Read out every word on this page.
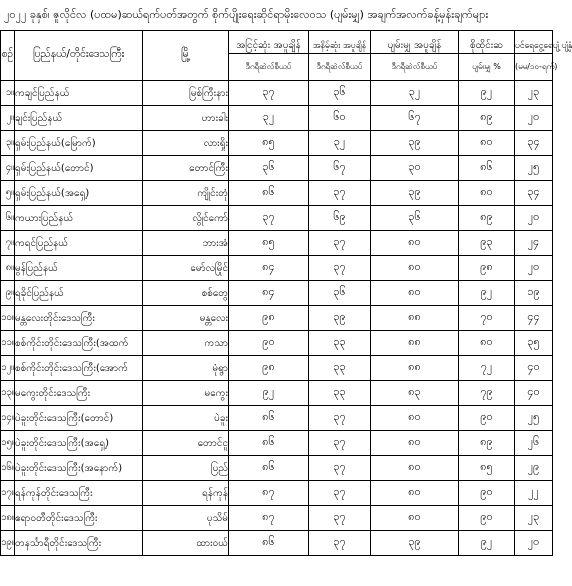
၂၀၂၂ ခုနှစ်၊ ဇူလိုင်လ (ပထမ)ဆယ်ရက်ပတ်အတွက် စိုက်ပျိုးရေးဆိုင်ရာမိုးလေဝသ (ပျမ်းမျှ) အချက်အလက်ခန့်မှန်းချက်များ
စဉ်	ပြည်နယ်/တိုင်းဒေသကြီး	မြို့	အငြင့်ဆုံး အပူချိန်	အနိမ့်ဆုံး အပူချိန်	ပျမ်းမျှ အပူချိန်	စိုထိုင်းဆ	ပင်ရေငွေ့ရေပျံ့ ပျံ့နှံ
			ဒီဂရီဆဲလ်စီယပ်	ဒီဂရီဆဲလ်စီယပ်	ဒီဂရီဆဲလ်စီယပ်	ပျမ်းမျှ %	(မမ/၁၀-ရက်)
၁။	ကချင်ပြည်နယ်	မြစ်ကြီးနား	၃၇	၃၆	၃၂	၉၂	၂၃
၂။	ချင်းပြည်နယ်	ဟားခါး	၃၂	၆၀	၆၇	၈၉	၂၀
၃။	ရှမ်းပြည်နယ်(မြောက်)	လားရှိုး	၈၅	၃၂	၃၉	၈၀	၃၄
၄။	ရှမ်းပြည်နယ်(တောင်)	တောင်ကြီး	၃၆	၆၇	၃၀	၈၆	၂၅
၅။	ရှမ်းပြည်နယ်(အရှေ့)	ကျိုင်းတုံ	၈၆	၃၇	၃၉	၈၀	၃၄
၆။	ကယားပြည်နယ်	လွိုင်ကော်	၃၇	၆၉	၃၆	၈၉	၂၀
၇။	ကရင်ပြည်နယ်	ဘားအံ	၈၅	၃၇	၈၀	၉၃	၂၄
၈။	မွန်ပြည်နယ်	မော်လမြိုင်	၈၄	၃၇	၈၀	၉၈	၂၀
၉။	ရခိုင်ပြည်နယ်	စစ်တွေ	၈၄	၃၆	၈၀	၉၂	၁၉
၁၀။	မန္တလေးတိုင်းဒေသကြီး	မန္တလေး	၉၈	၃၉	၈၈	၇၀	၄၄
၁၁။	စစ်ကိုင်းတိုင်းဒေသကြီး(အထက်	ကသာ	၉၀	၃၃	၈၈	၈၀	၃၅
၁၂။	စစ်ကိုင်းတိုင်းဒေသကြီး(အောက်	မုံရွာ	၉၈	၃၃	၈၈	၇၂	၄၀
၁၃။	မကွေးတိုင်းဒေသကြီး	မကွေး	၉၂	၃၃	၈၃	၇၉	၄၀
၁၄။	ပဲခူးတိုင်းဒေသကြီး(တောင်)	ပဲခူး	၈၆	၃၇	၈၀	၉၀	၂၅
၁၅။	ပဲခူးတိုင်းဒေသကြီး(အရှေ့)	တောင်ငူ	၈၆	၃၇	၈၀	၈၉	၂၆
၁၆။	ပဲခူးတိုင်းဒေသကြီး(အနောက်)	ပြည်	၈၆	၃၇	၈၀	၈၅	၂၉
၁၇။	ရန်ကုန်တိုင်းဒေသကြီး	ရန်ကုန်	၈၇	၃၇	၈၀	၉၀	၂၂
၁၈။	ဧရာဝတီတိုင်းဒေသကြီး	ပုသိမ်	၈၇	၃၇	၈၀	၉၀	၂၃
၁၉။	တနင်္သာရီတိုင်းဒေသကြီး	ထားဝယ်	၈၆	၃၇	၃၉	၉၂	၂၀
